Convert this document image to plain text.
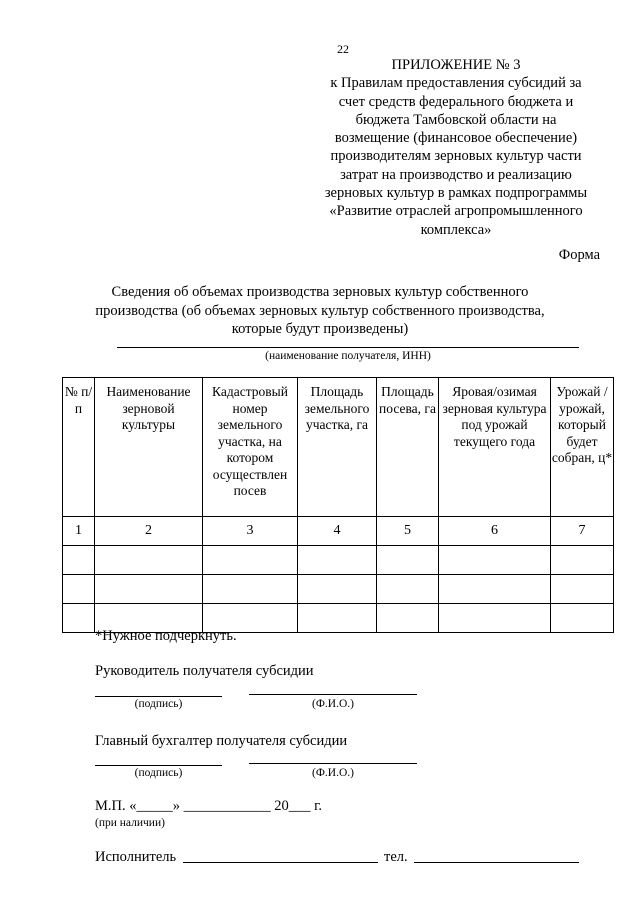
22
ПРИЛОЖЕНИЕ № 3
к Правилам предоставления субсидий за
счет средств федерального бюджета и
бюджета Тамбовской области на
возмещение (финансовое обеспечение)
производителям зерновых культур части
затрат на производство и реализацию
зерновых культур в рамках подпрограммы
«Развитие отраслей агропромышленного
комплекса»
Форма
Сведения об объемах производства зерновых культур собственного
производства (об объемах зерновых культур собственного производства,
которые будут произведены)
(наименование получателя, ИНН)
№ п/п	Наименование зерновой культуры	Кадастровый номер земельного участка, на котором осуществлен посев	Площадь земельного участка, га	Площадь посева, га	Яровая/озимая зерновая культура под урожай текущего года	Урожай / урожай, который будет собран, ц*
1	2	3	4	5	6	7

*Нужное подчеркнуть.
Руководитель получателя субсидии
(подпись)	(Ф.И.О.)
Главный бухгалтер получателя субсидии
(подпись)	(Ф.И.О.)
М.П. «_____» ____________ 20___ г.
(при наличии)
Исполнитель	тел.
